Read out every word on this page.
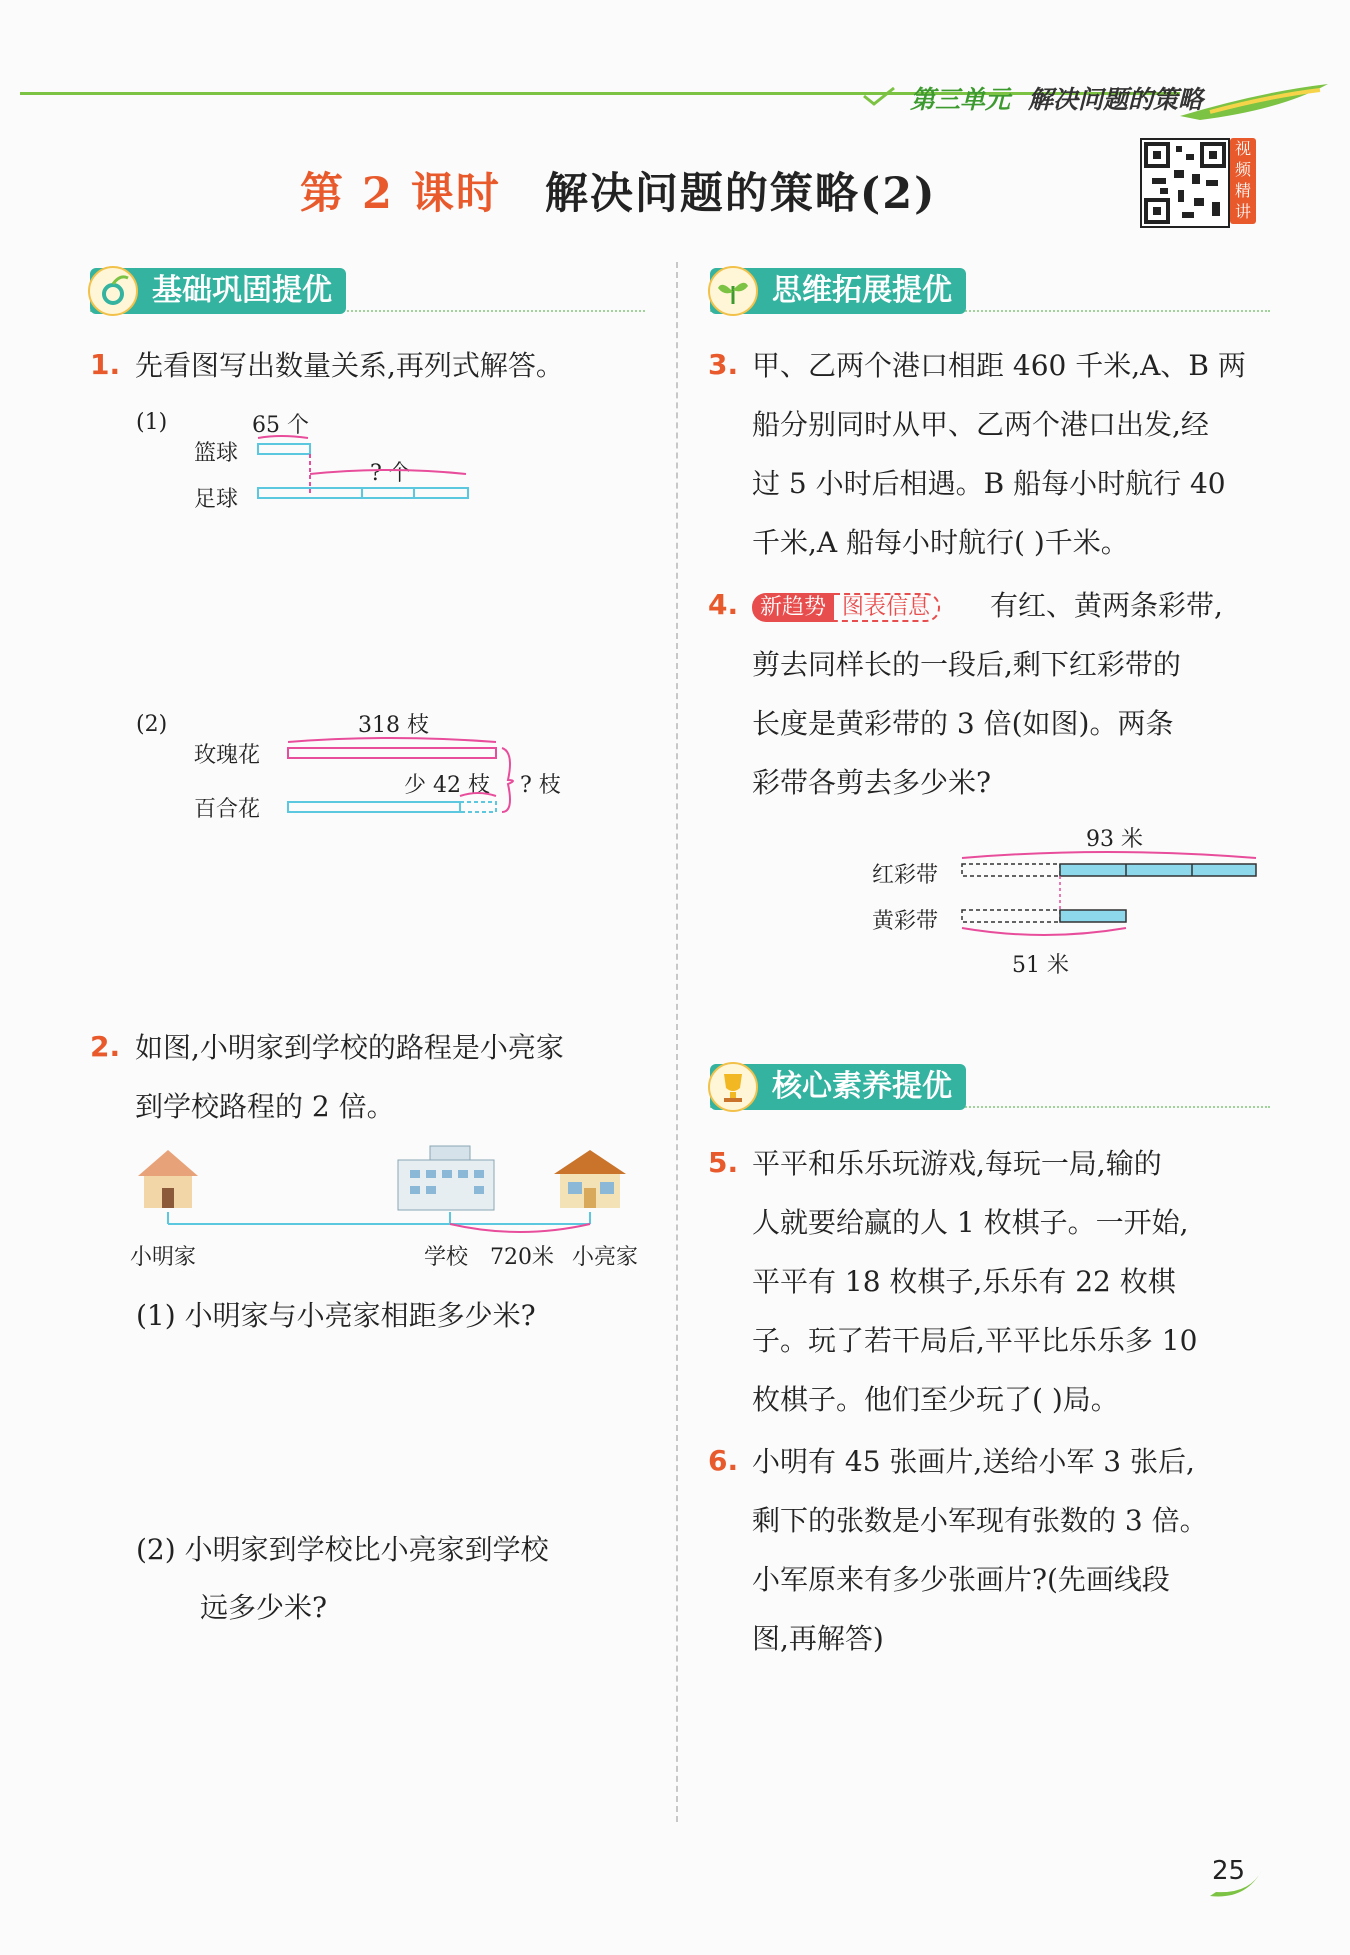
第三单元 解决问题的策略
第 2 课时 解决问题的策略(2)
视频精讲
基础巩固提优
1. 先看图写出数量关系,再列式解答。
(1)	65 个
篮球
足球
? 个
(2)	318 枝
玫瑰花
百合花
少 42 枝 ? 枝
2. 如图,小明家到学校的路程是小亮家
到学校路程的 2 倍。
小明家	学校 720米 小亮家
(1) 小明家与小亮家相距多少米?
(2) 小明家到学校比小亮家到学校
远多少米?
思维拓展提优
3. 甲、乙两个港口相距 460 千米,A、B 两
船分别同时从甲、乙两个港口出发,经
过 5 小时后相遇。B 船每小时航行 40
千米,A 船每小时航行( )千米。
4. 新趋势 图表信息	有红、黄两条彩带,
剪去同样长的一段后,剩下红彩带的
长度是黄彩带的 3 倍(如图)。两条
彩带各剪去多少米?
93 米
红彩带
黄彩带
51 米
核心素养提优
5. 平平和乐乐玩游戏,每玩一局,输的
人就要给赢的人 1 枚棋子。一开始,
平平有 18 枚棋子,乐乐有 22 枚棋
子。玩了若干局后,平平比乐乐多 10
枚棋子。他们至少玩了( )局。
6. 小明有 45 张画片,送给小军 3 张后,
剩下的张数是小军现有张数的 3 倍。
小军原来有多少张画片?(先画线段
图,再解答)
25
